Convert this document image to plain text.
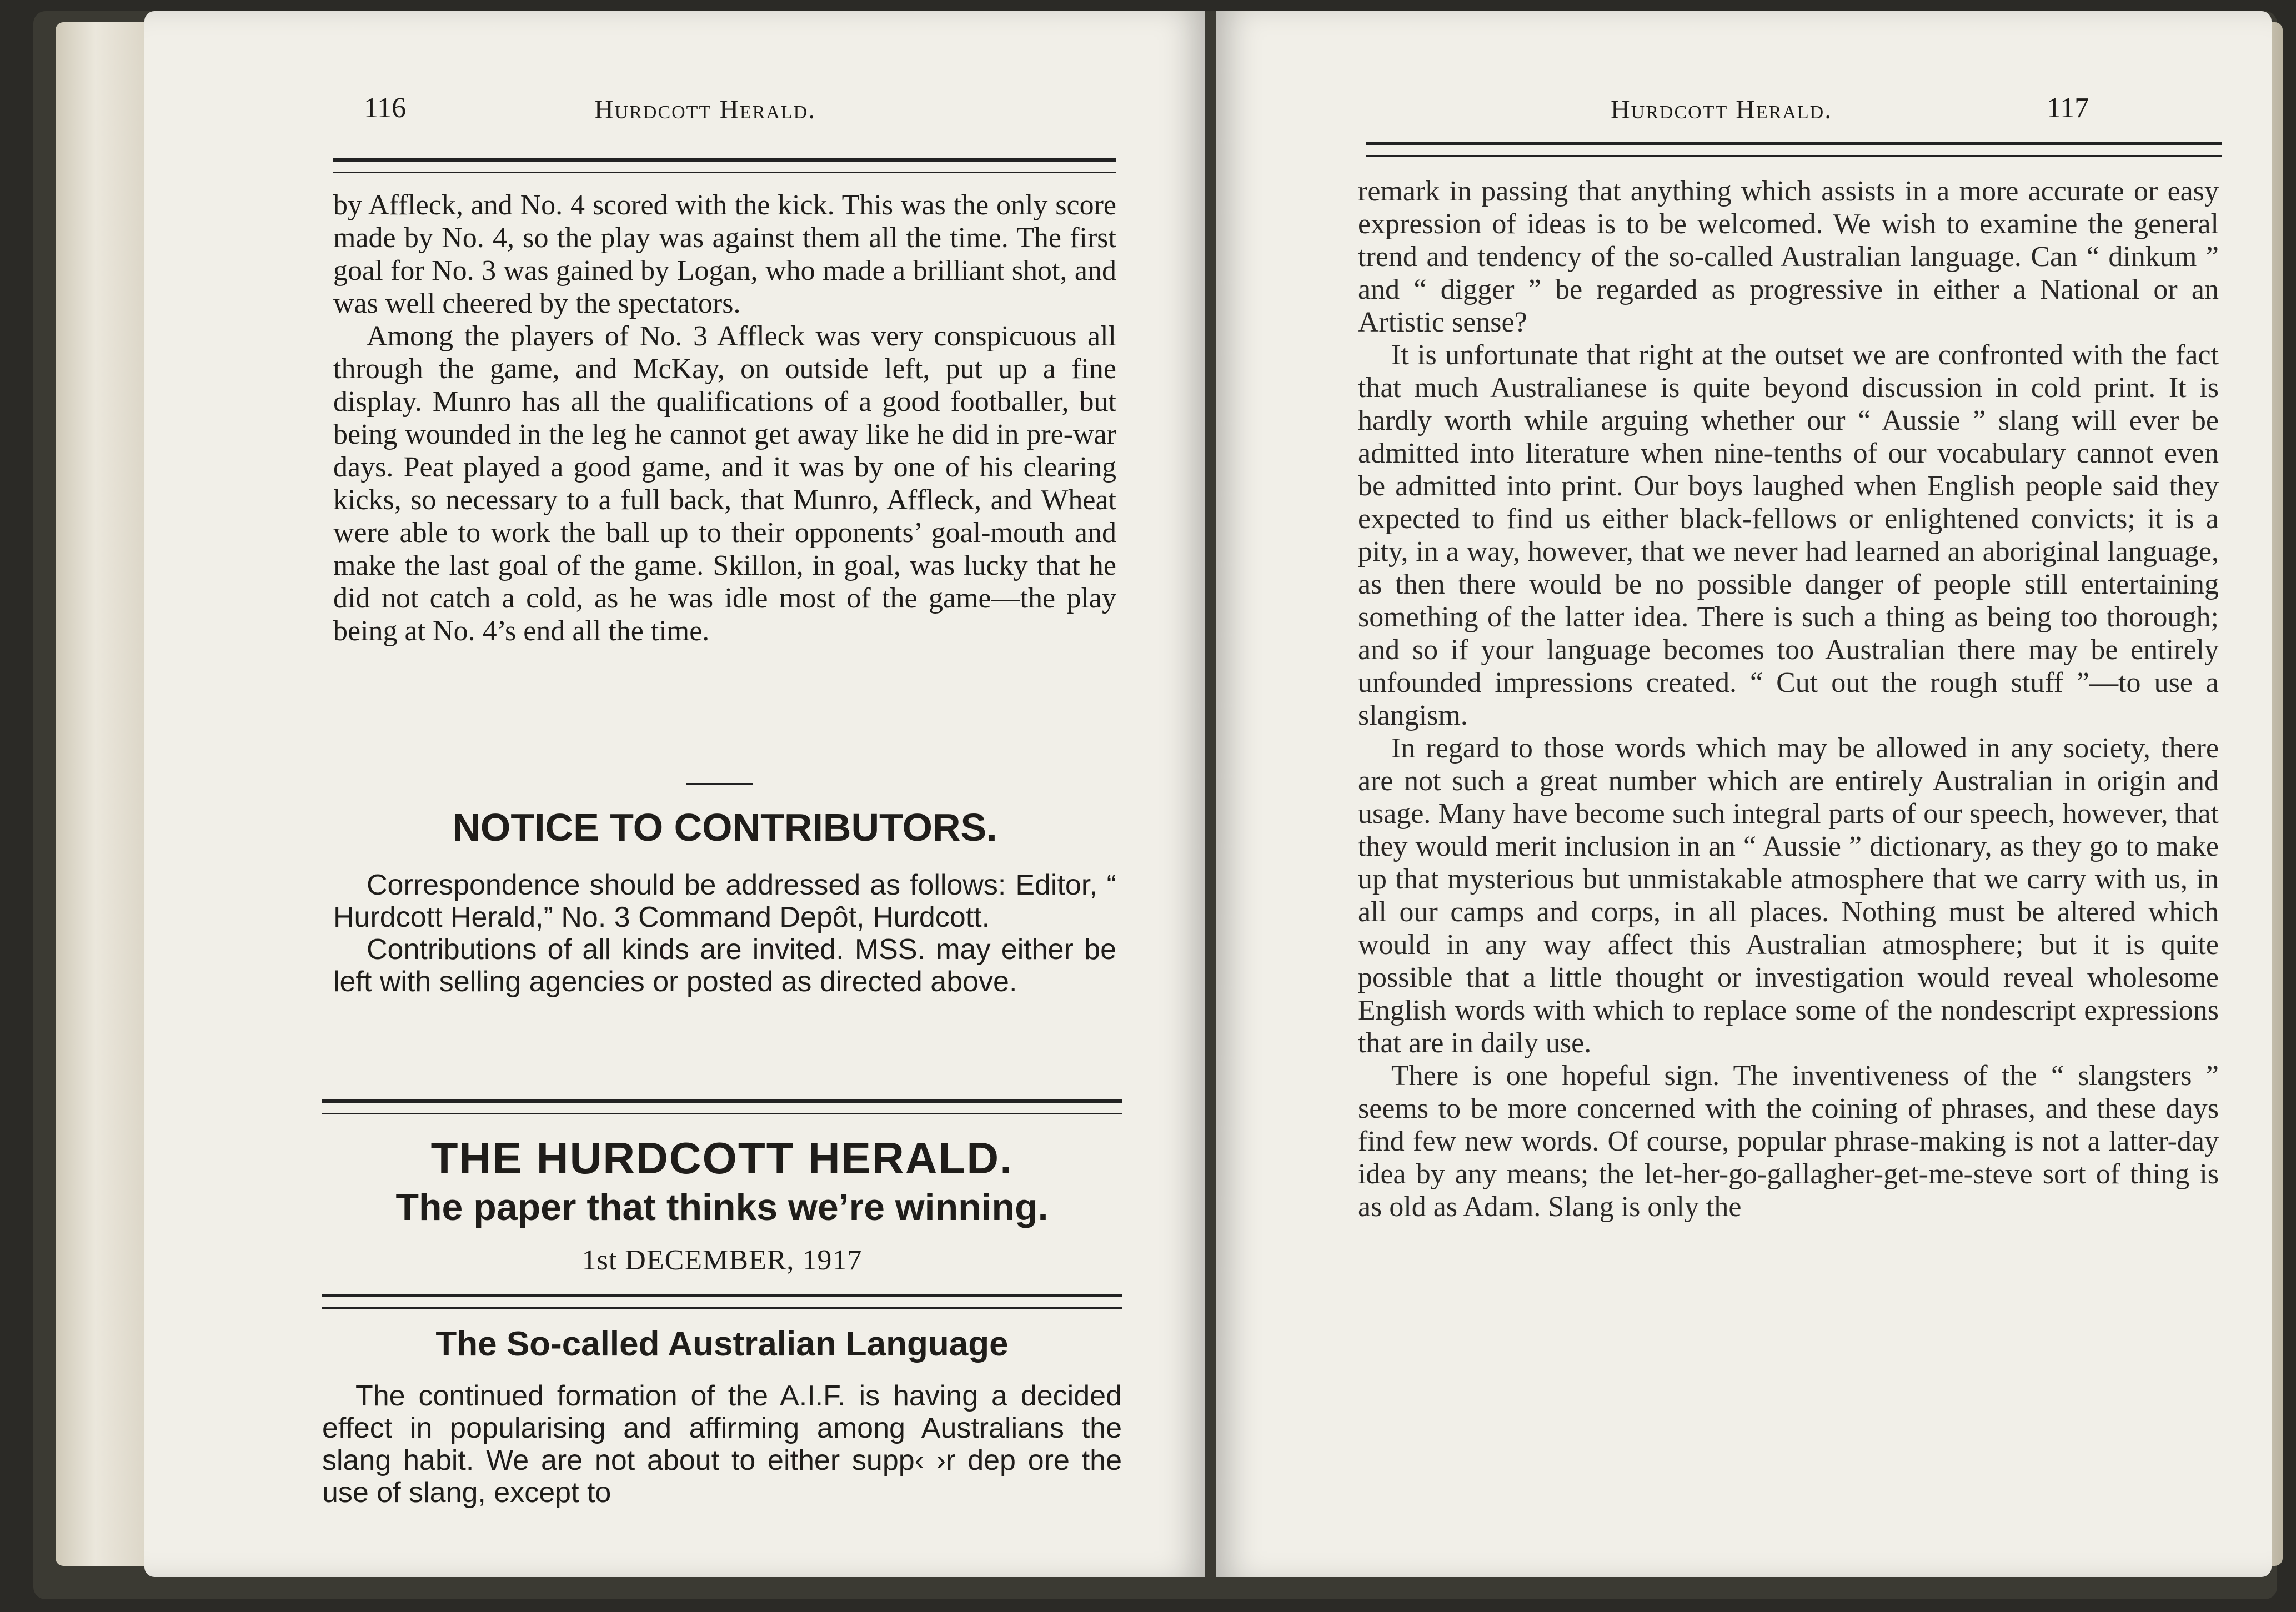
116	Hurdcott Herald.

by Affleck, and No. 4 scored with the kick. This was the only score made by No. 4, so the play was against them all the time. The first goal for No. 3 was gained by Logan, who made a brilliant shot, and was well cheered by the spectators.

Among the players of No. 3 Affleck was very conspicuous all through the game, and McKay, on outside left, put up a fine display. Munro has all the qualifications of a good footballer, but being wounded in the leg he cannot get away like he did in pre-war days. Peat played a good game, and it was by one of his clearing kicks, so necessary to a full back, that Munro, Affleck, and Wheat were able to work the ball up to their opponents’ goal-mouth and make the last goal of the game. Skillon, in goal, was lucky that he did not catch a cold, as he was idle most of the game—the play being at No. 4’s end all the time.

NOTICE TO CONTRIBUTORS.

Correspondence should be addressed as follows: Editor, “ Hurdcott Herald,” No. 3 Command Depôt, Hurdcott.

Contributions of all kinds are invited. MSS. may either be left with selling agencies or posted as directed above.

THE HURDCOTT HERALD.
The paper that thinks we’re winning.
1st DECEMBER, 1917
The So-called Australian Language

The continued formation of the A.I.F. is having a decided effect in popularising and affirming among Australians the slang habit. We are not about to either supp‹ ›r dep ore the use of slang, except to

Hurdcott Herald.	117

remark in passing that anything which assists in a more accurate or easy expression of ideas is to be welcomed. We wish to examine the general trend and tendency of the so-called Australian language. Can “ dinkum ” and “ digger ” be regarded as progressive in either a National or an Artistic sense?

It is unfortunate that right at the outset we are confronted with the fact that much Australianese is quite beyond discussion in cold print. It is hardly worth while arguing whether our “ Aussie ” slang will ever be admitted into literature when nine-tenths of our vocabulary cannot even be admitted into print. Our boys laughed when English people said they expected to find us either black-fellows or enlightened convicts; it is a pity, in a way, however, that we never had learned an aboriginal language, as then there would be no possible danger of people still entertaining something of the latter idea. There is such a thing as being too thorough; and so if your language becomes too Australian there may be entirely unfounded impressions created. “ Cut out the rough stuff ”—to use a slangism.

In regard to those words which may be allowed in any society, there are not such a great number which are entirely Australian in origin and usage. Many have become such integral parts of our speech, however, that they would merit inclusion in an “ Aussie ” dictionary, as they go to make up that mysterious but unmistakable atmosphere that we carry with us, in all our camps and corps, in all places. Nothing must be altered which would in any way affect this Australian atmosphere; but it is quite possible that a little thought or investigation would reveal wholesome English words with which to replace some of the nondescript expressions that are in daily use.

There is one hopeful sign. The inventiveness of the “ slangsters ” seems to be more concerned with the coining of phrases, and these days find few new words. Of course, popular phrase-making is not a latter-day idea by any means; the let-her-go-gallagher-get-me-steve sort of thing is as old as Adam. Slang is only the
